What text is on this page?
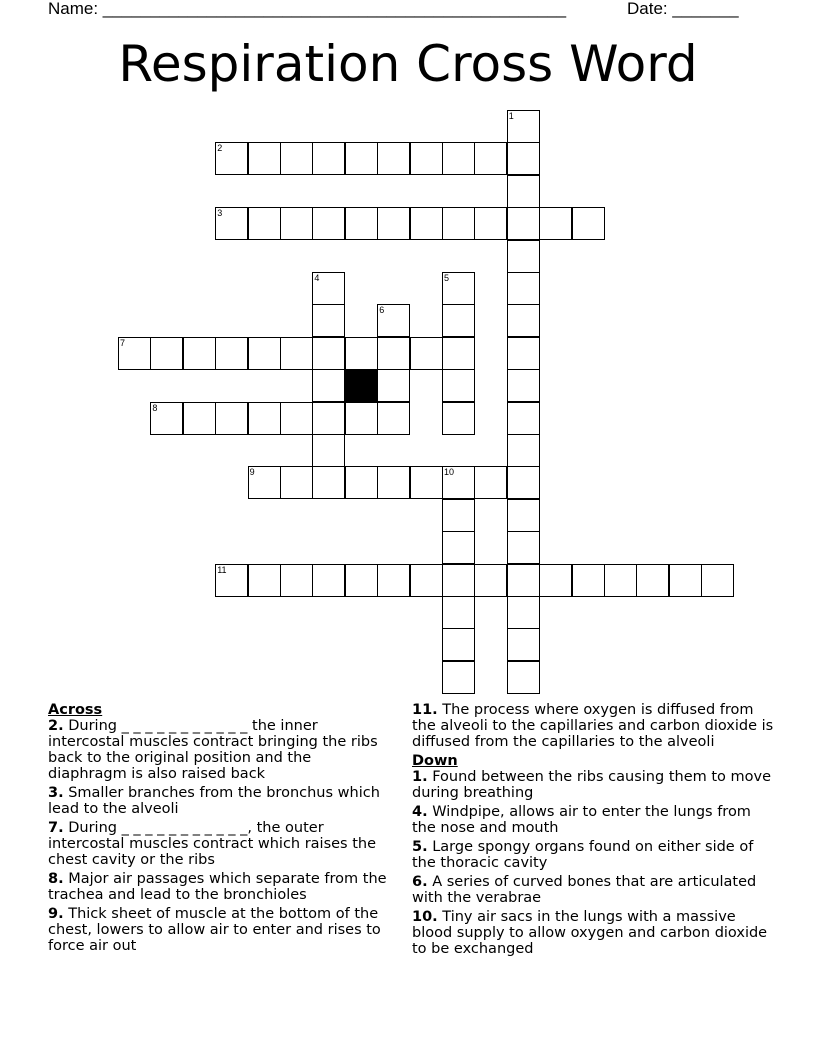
Name: _________________________________________________	Date: _______
Respiration Cross Word
1
2
3
4	5
6
7
8
9	10
11
Across
2. During _ _ _ _ _ _ _ _ _ _ _ the inner intercostal muscles contract bringing the ribs back to the original position and the diaphragm is also raised back
3. Smaller branches from the bronchus which lead to the alveoli
7. During _ _ _ _ _ _ _ _ _ _ _, the outer intercostal muscles contract which raises the chest cavity or the ribs
8. Major air passages which separate from the trachea and lead to the bronchioles
9. Thick sheet of muscle at the bottom of the chest, lowers to allow air to enter and rises to force air out
11. The process where oxygen is diffused from the alveoli to the capillaries and carbon dioxide is diffused from the capillaries to the alveoli
Down
1. Found between the ribs causing them to move during breathing
4. Windpipe, allows air to enter the lungs from the nose and mouth
5. Large spongy organs found on either side of the thoracic cavity
6. A series of curved bones that are articulated with the verabrae
10. Tiny air sacs in the lungs with a massive blood supply to allow oxygen and carbon dioxide to be exchanged
